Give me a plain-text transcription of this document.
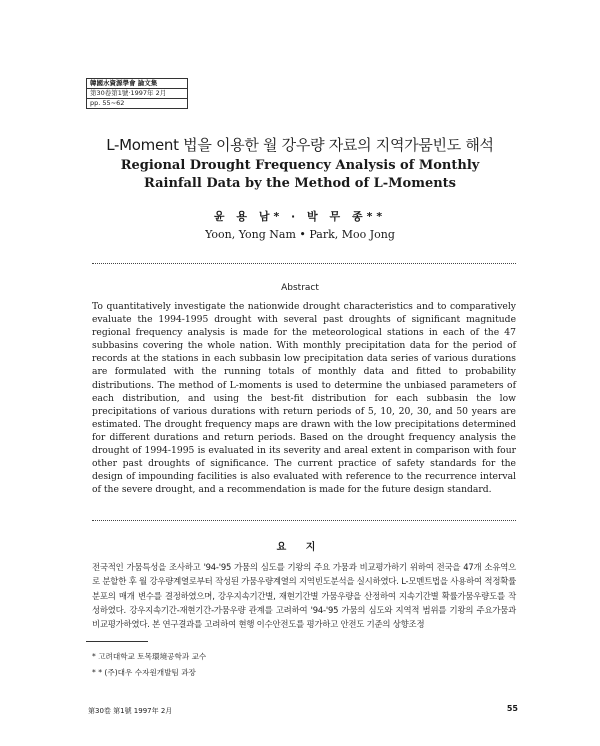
韓國水資源學會 論文集
第30卷第1號·1997年 2月
pp. 55∼62
L-Moment 법을 이용한 월 강우량 자료의 지역가뭄빈도 해석
Regional Drought Frequency Analysis of Monthly
Rainfall Data by the Method of L-Moments
윤 용 남* · 박 무 종**
Yoon, Yong Nam • Park, Moo Jong
Abstract

To quantitatively investigate the nationwide drought characteristics and to comparatively evaluate the 1994-1995 drought with several past droughts of significant magnitude regional frequency analysis is made for the meteorological stations in each of the 47 subbasins covering the whole nation. With monthly precipitation data for the period of records at the stations in each subbasin low precipitation data series of various durations are formulated with the running totals of monthly data and fitted to probability distributions. The method of L-moments is used to determine the unbiased parameters of each distribution, and using the best-fit distribution for each subbasin the low precipitations of various durations with return periods of 5, 10, 20, 30, and 50 years are estimated. The drought frequency maps are drawn with the low precipitations determined for different durations and return periods. Based on the drought frequency analysis the drought of 1994-1995 is evaluated in its severity and areal extent in comparison with four other past droughts of significance. The current practice of safety standards for the design of impounding facilities is also evaluated with reference to the recurrence interval of the severe drought, and a recommendation is made for the future design standard.

요 지

전국적인 가뭄특성을 조사하고 '94-'95 가뭄의 심도를 기왕의 주요 가뭄과 비교평가하기 위하여 전국을 47개 소유역으로 분할한 후 월 강우량계열로부터 작성된 가뭄우량계열의 지역빈도분석을 실시하였다. L-모멘트법을 사용하여 적정확률분포의 매개 변수를 결정하였으며, 강우지속기간별, 재현기간별 가뭄우량을 산정하여 지속기간별 확률가뭄우량도를 작성하였다. 강우지속기간-재현기간-가뭄우량 관계를 고려하여 '94-'95 가뭄의 심도와 지역적 범위를 기왕의 주요가뭄과 비교평가하였다. 본 연구결과를 고려하여 현행 이수안전도를 평가하고 안전도 기준의 상향조정

* 고려대학교 토목環境공학과 교수
* * (주)대우 수자원개발팀 과장
第30卷 第1號 1997年 2月	55
